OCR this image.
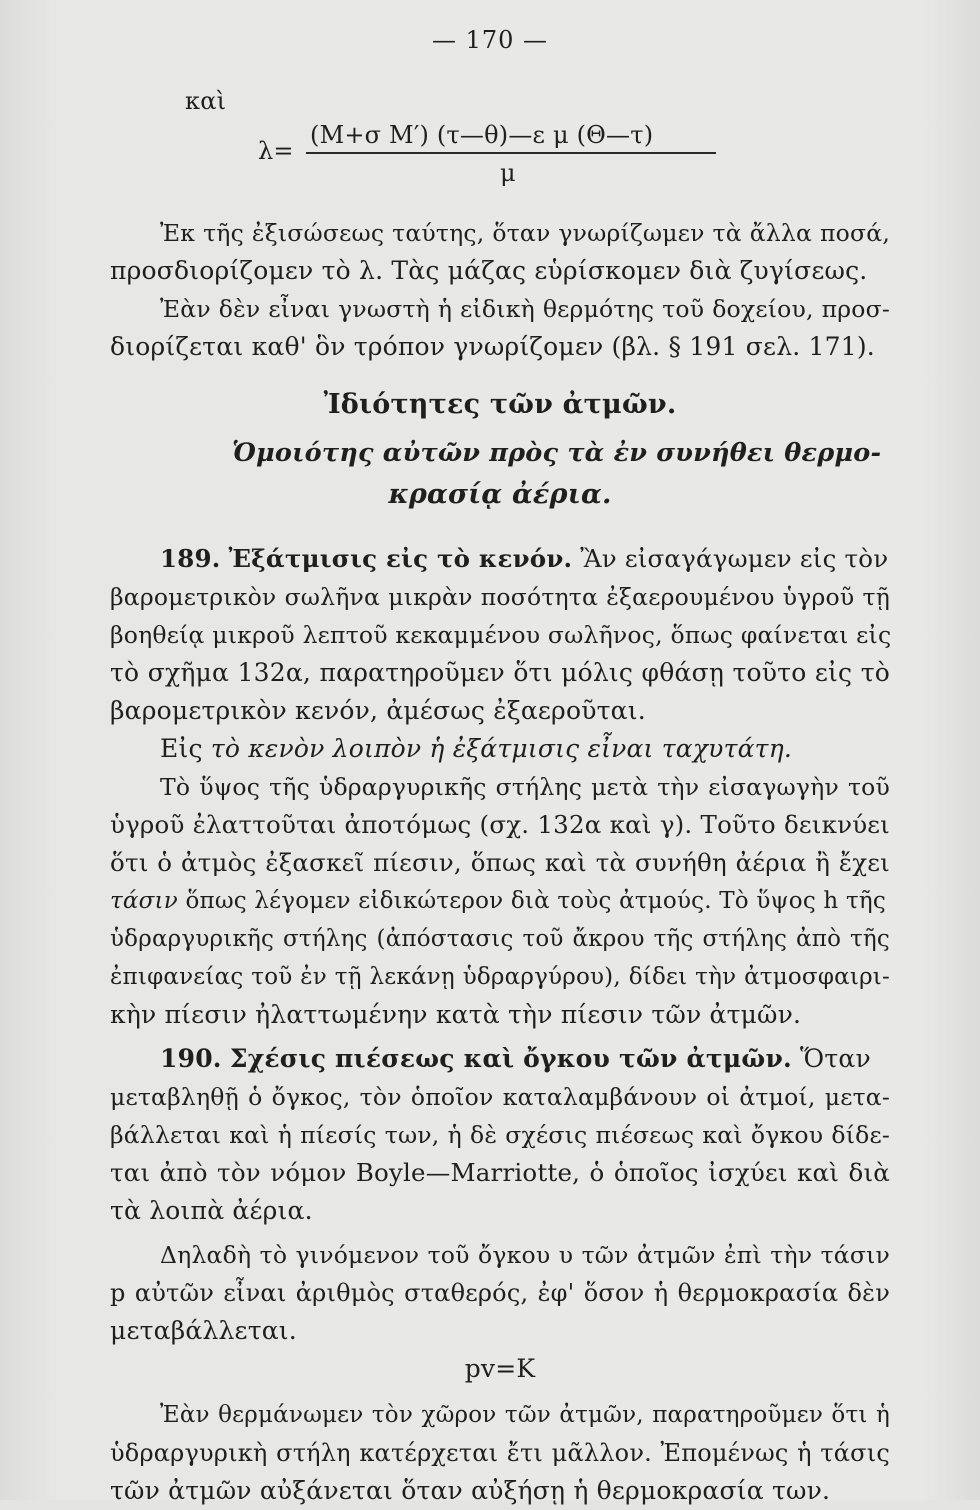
— 170 —
καὶ
λ=
(M+σ M′) (τ—θ)—ε μ (Θ—τ)
μ
Ἐκ τῆς ἐξισώσεως ταύτης, ὅταν γνωρίζωμεν τὰ ἄλλα ποσά,
προσδιορίζομεν τὸ λ. Τὰς μάζας εὑρίσκομεν διὰ ζυγίσεως.
Ἐὰν δὲν εἶναι γνωστὴ ἡ εἰδικὴ θερμότης τοῦ δοχείου, προσ-
διορίζεται καθ' ὃν τρόπον γνωρίζομεν (βλ. § 191 σελ. 171).
Ἰδιότητες τῶν ἀτμῶν.
Ὁμοιότης αὐτῶν πρὸς τὰ ἐν συνήθει θερμο-
κρασίᾳ ἀέρια.
189. Ἐξάτμισις εἰς τὸ κενόν. Ἂν εἰσαγάγωμεν εἰς τὸν
βαρομετρικὸν σωλῆνα μικρὰν ποσότητα ἐξαερουμένου ὑγροῦ τῇ
βοηθείᾳ μικροῦ λεπτοῦ κεκαμμένου σωλῆνος, ὅπως φαίνεται εἰς
τὸ σχῆμα 132α, παρατηροῦμεν ὅτι μόλις φθάσῃ τοῦτο εἰς τὸ
βαρομετρικὸν κενόν, ἀμέσως ἐξαεροῦται.
Εἰς τὸ κενὸν λοιπὸν ἡ ἐξάτμισις εἶναι ταχυτάτη.
Τὸ ὕψος τῆς ὑδραργυρικῆς στήλης μετὰ τὴν εἰσαγωγὴν τοῦ
ὑγροῦ ἐλαττοῦται ἀποτόμως (σχ. 132α καὶ γ). Τοῦτο δεικνύει
ὅτι ὁ ἀτμὸς ἐξασκεῖ πίεσιν, ὅπως καὶ τὰ συνήθη ἀέρια ἢ ἔχει
τάσιν ὅπως λέγομεν εἰδικώτερον διὰ τοὺς ἀτμούς. Τὸ ὕψος h τῆς
ὑδραργυρικῆς στήλης (ἀπόστασις τοῦ ἄκρου τῆς στήλης ἀπὸ τῆς
ἐπιφανείας τοῦ ἐν τῇ λεκάνῃ ὑδραργύρου), δίδει τὴν ἀτμοσφαιρι-
κὴν πίεσιν ἠλαττωμένην κατὰ τὴν πίεσιν τῶν ἀτμῶν.
190. Σχέσις πιέσεως καὶ ὄγκου τῶν ἀτμῶν. Ὅταν
μεταβληθῇ ὁ ὄγκος, τὸν ὁποῖον καταλαμβάνουν οἱ ἀτμοί, μετα-
βάλλεται καὶ ἡ πίεσίς των, ἡ δὲ σχέσις πιέσεως καὶ ὄγκου δίδε-
ται ἀπὸ τὸν νόμον Boyle—Marriotte, ὁ ὁποῖος ἰσχύει καὶ διὰ
τὰ λοιπὰ ἀέρια.
Δηλαδὴ τὸ γινόμενον τοῦ ὄγκου υ τῶν ἀτμῶν ἐπὶ τὴν τάσιν
p αὐτῶν εἶναι ἀριθμὸς σταθερός, ἐφ' ὅσον ἡ θερμοκρασία δὲν
μεταβάλλεται.
pv=K
Ἐὰν θερμάνωμεν τὸν χῶρον τῶν ἀτμῶν, παρατηροῦμεν ὅτι ἡ
ὑδραργυρικὴ στήλη κατέρχεται ἔτι μᾶλλον. Ἐπομένως ἡ τάσις
τῶν ἀτμῶν αὐξάνεται ὅταν αὐξήσῃ ἡ θερμοκρασία των.
